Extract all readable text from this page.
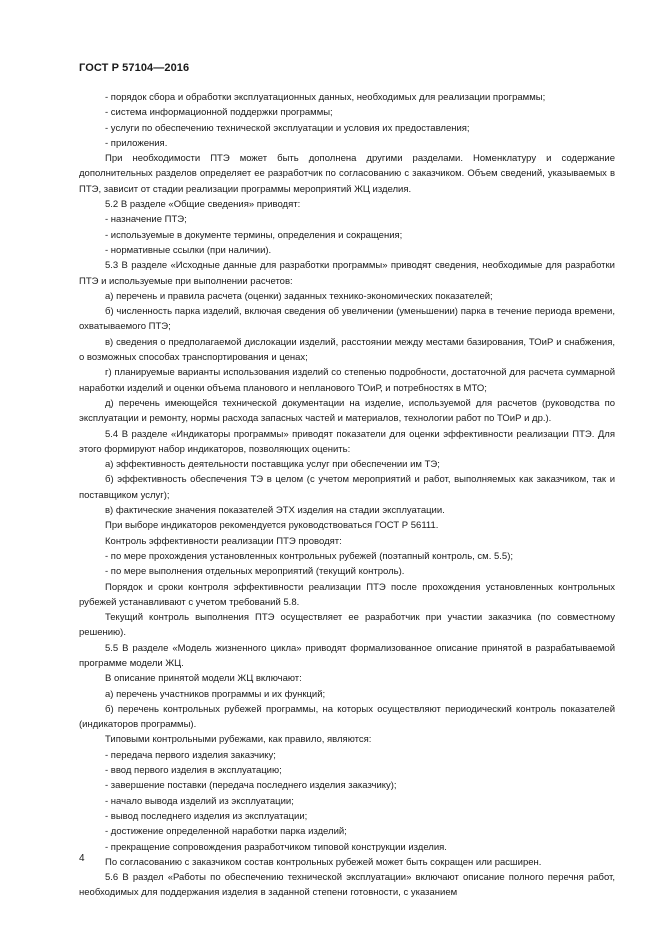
ГОСТ Р 57104—2016

- порядок сбора и обработки эксплуатационных данных, необходимых для реализации программы;

- система информационной поддержки программы;

- услуги по обеспечению технической эксплуатации и условия их предоставления;

- приложения.

При необходимости ПТЭ может быть дополнена другими разделами. Номенклатуру и содержание дополнительных разделов определяет ее разработчик по согласованию с заказчиком. Объем сведений, указываемых в ПТЭ, зависит от стадии реализации программы мероприятий ЖЦ изделия.

5.2 В разделе «Общие сведения» приводят:

- назначение ПТЭ;

- используемые в документе термины, определения и сокращения;

- нормативные ссылки (при наличии).

5.3 В разделе «Исходные данные для разработки программы» приводят сведения, необходимые для разработки ПТЭ и используемые при выполнении расчетов:

а) перечень и правила расчета (оценки) заданных технико-экономических показателей;

б) численность парка изделий, включая сведения об увеличении (уменьшении) парка в течение периода времени, охватываемого ПТЭ;

в) сведения о предполагаемой дислокации изделий, расстоянии между местами базирования, ТОиР и снабжения, о возможных способах транспортирования и ценах;

г) планируемые варианты использования изделий со степенью подробности, достаточной для расчета суммарной наработки изделий и оценки объема планового и непланового ТОиР, и потребностях в МТО;

д) перечень имеющейся технической документации на изделие, используемой для расчетов (руководства по эксплуатации и ремонту, нормы расхода запасных частей и материалов, технологии работ по ТОиР и др.).

5.4 В разделе «Индикаторы программы» приводят показатели для оценки эффективности реализации ПТЭ. Для этого формируют набор индикаторов, позволяющих оценить:

а) эффективность деятельности поставщика услуг при обеспечении им ТЭ;

б) эффективность обеспечения ТЭ в целом (с учетом мероприятий и работ, выполняемых как заказчиком, так и поставщиком услуг);

в) фактические значения показателей ЭТХ изделия на стадии эксплуатации.

При выборе индикаторов рекомендуется руководствоваться ГОСТ Р 56111.

Контроль эффективности реализации ПТЭ проводят:

- по мере прохождения установленных контрольных рубежей (поэтапный контроль, см. 5.5);

- по мере выполнения отдельных мероприятий (текущий контроль).

Порядок и сроки контроля эффективности реализации ПТЭ после прохождения установленных контрольных рубежей устанавливают с учетом требований 5.8.

Текущий контроль выполнения ПТЭ осуществляет ее разработчик при участии заказчика (по совместному решению).

5.5 В разделе «Модель жизненного цикла» приводят формализованное описание принятой в разрабатываемой программе модели ЖЦ.

В описание принятой модели ЖЦ включают:

а) перечень участников программы и их функций;

б) перечень контрольных рубежей программы, на которых осуществляют периодический контроль показателей (индикаторов программы).

Типовыми контрольными рубежами, как правило, являются:

- передача первого изделия заказчику;

- ввод первого изделия в эксплуатацию;

- завершение поставки (передача последнего изделия заказчику);

- начало вывода изделий из эксплуатации;

- вывод последнего изделия из эксплуатации;

- достижение определенной наработки парка изделий;

- прекращение сопровождения разработчиком типовой конструкции изделия.

По согласованию с заказчиком состав контрольных рубежей может быть сокращен или расширен.

5.6 В раздел «Работы по обеспечению технической эксплуатации» включают описание полного перечня работ, необходимых для поддержания изделия в заданной степени готовности, с указанием

4
